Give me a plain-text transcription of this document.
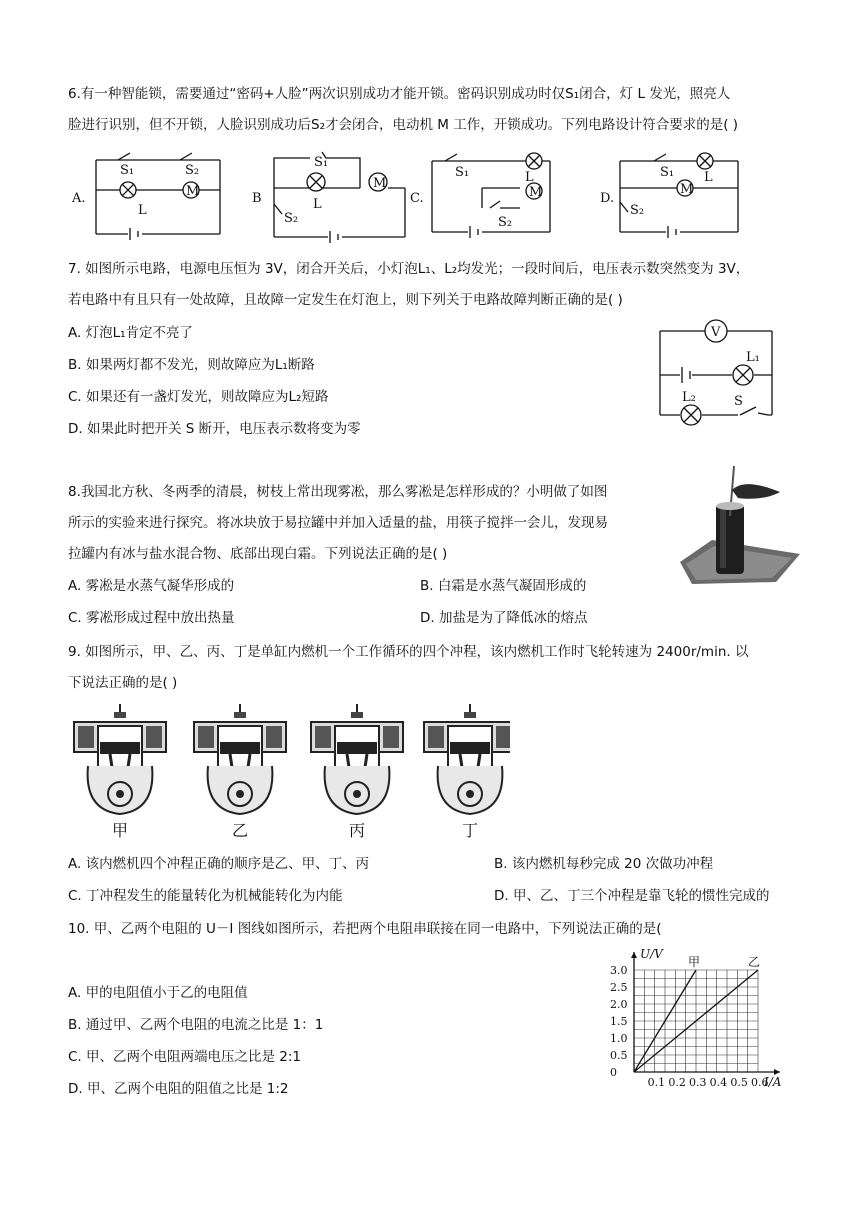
6.有一种智能锁，需要通过“密码+人脸”两次识别成功才能开锁。密码识别成功时仅S₁闭合，灯 L 发光，照亮人
脸进行识别，但不开锁，人脸识别成功后S₂才会闭合，电动机 M 工作，开锁成功。下列电路设计符合要求的是( )
A.
S₁	S₂
L
M	B
S₁
S₂
L
M
C.
S₁
S₂
L
M	D.
S₁
S₂
L
M
7. 如图所示电路，电源电压恒为 3V，闭合开关后，小灯泡L₁、L₂均发光；一段时间后，电压表示数突然变为 3V，
若电路中有且只有一处故障，且故障一定发生在灯泡上，则下列关于电路故障判断正确的是( )
A. 灯泡L₁肯定不亮了
B. 如果两灯都不发光，则故障应为L₁断路
C. 如果还有一盏灯发光，则故障应为L₂短路
D. 如果此时把开关 S 断开，电压表示数将变为零
V
L₁
L₂	S
8.我国北方秋、冬两季的清晨，树枝上常出现雾凇，那么雾凇是怎样形成的？小明做了如图
所示的实验来进行探究。将冰块放于易拉罐中并加入适量的盐，用筷子搅拌一会儿，发现易
拉罐内有冰与盐水混合物、底部出现白霜。下列说法正确的是( )
A. 雾凇是水蒸气凝华形成的	B. 白霜是水蒸气凝固形成的
C. 雾凇形成过程中放出热量	D. 加盐是为了降低冰的熔点
9. 如图所示，甲、乙、丙、丁是单缸内燃机一个工作循环的四个冲程，该内燃机工作时飞轮转速为 2400r/min. 以
下说法正确的是( )
甲	乙	丙	丁
A. 该内燃机四个冲程正确的顺序是乙、甲、丁、丙	B. 该内燃机每秒完成 20 次做功冲程
C. 丁冲程发生的能量转化为机械能转化为内能	D. 甲、乙、丁三个冲程是靠飞轮的惯性完成的
10. 甲、乙两个电阻的 U－I 图线如图所示，若把两个电阻串联接在同一电路中，下列说法正确的是(
A. 甲的电阻值小于乙的电阻值
B. 通过甲、乙两个电阻的电流之比是 1：1
C. 甲、乙两个电阻两端电压之比是 2:1
D. 甲、乙两个电阻的阻值之比是 1:2	0.1 0.2 0.3 0.4 0.5 0.6
0
0.5
1.0
1.5
2.0
2.5
3.0
U/V
I/A
甲	乙
